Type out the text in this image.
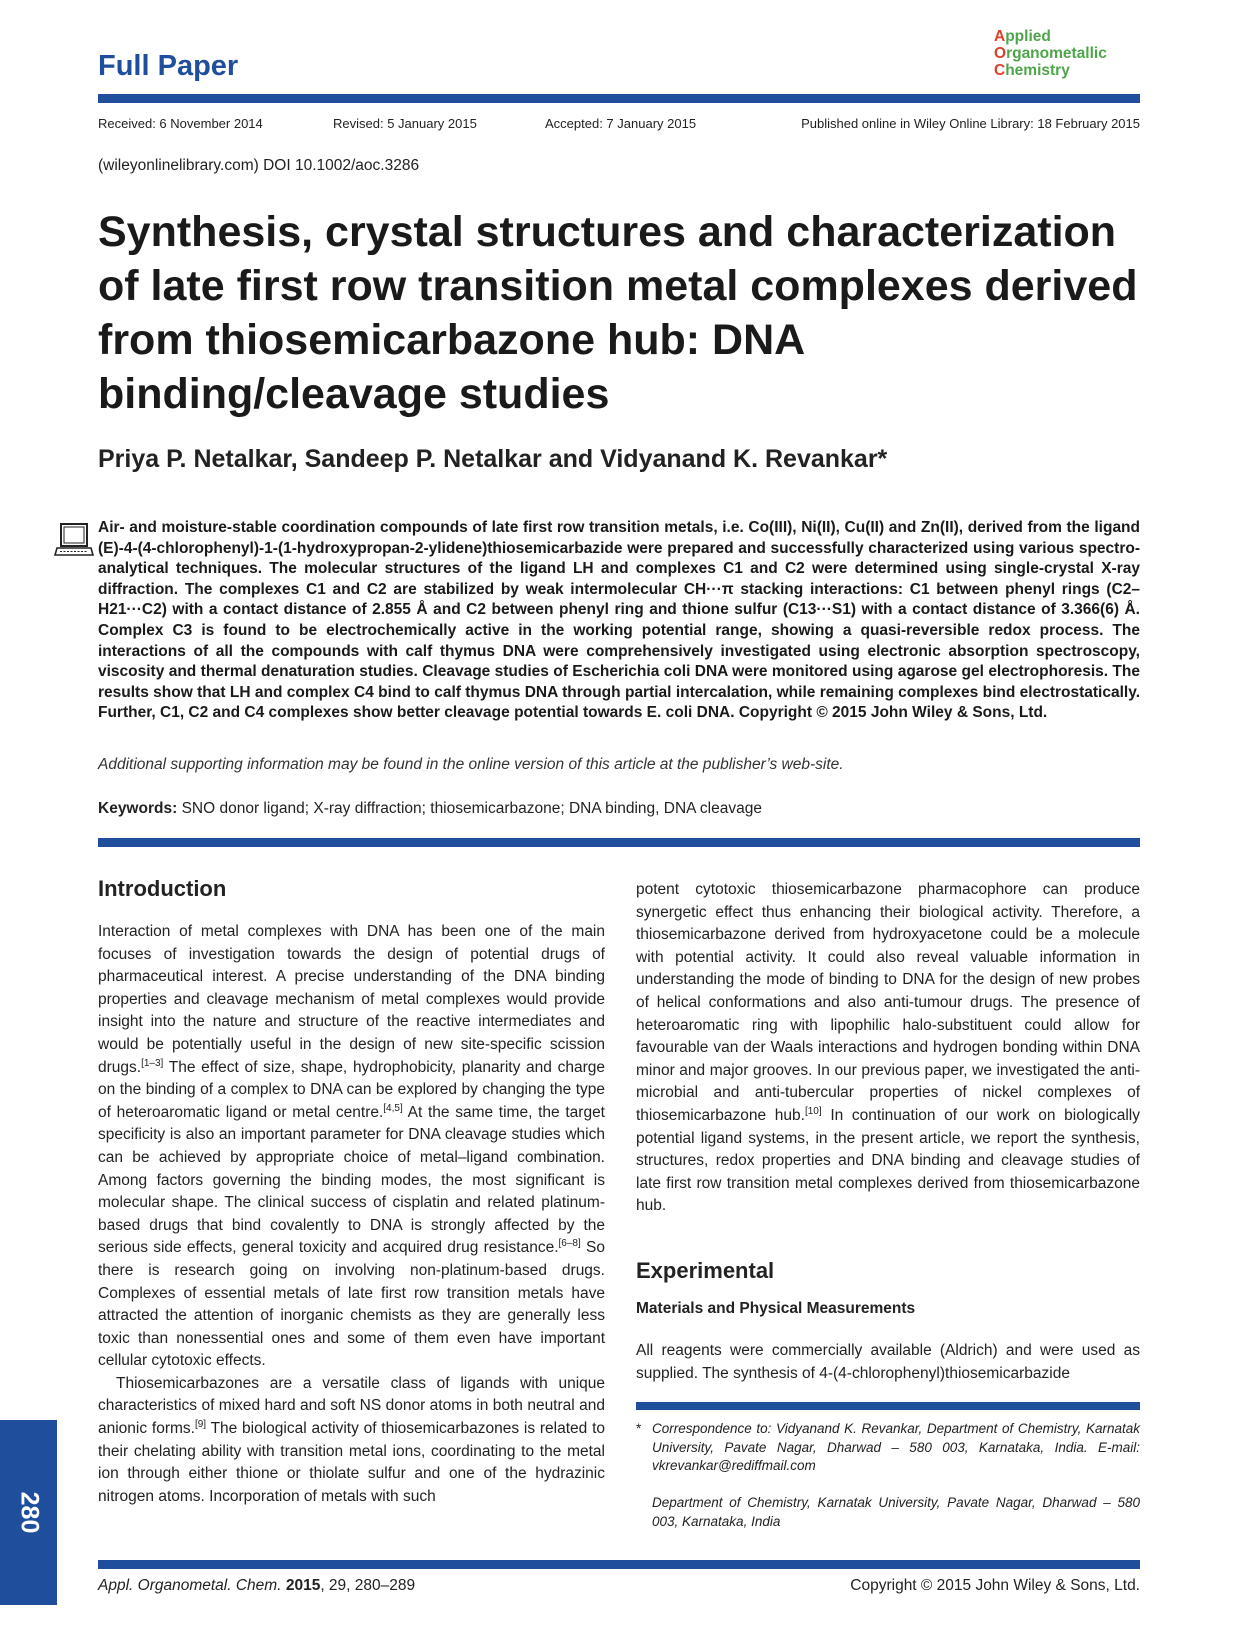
Full Paper
Applied
Organometallic
Chemistry
Received: 6 November 2014	Revised: 5 January 2015	Accepted: 7 January 2015	Published online in Wiley Online Library: 18 February 2015
(wileyonlinelibrary.com) DOI 10.1002/aoc.3286
Synthesis, crystal structures and characterization of late first row transition metal complexes derived from thiosemicarbazone hub: DNA binding/cleavage studies
Priya P. Netalkar, Sandeep P. Netalkar and Vidyanand K. Revankar*

Air- and moisture-stable coordination compounds of late first row transition metals, i.e. Co(III), Ni(II), Cu(II) and Zn(II), derived from the ligand (E)-4-(4-chlorophenyl)-1-(1-hydroxypropan-2-ylidene)thiosemicarbazide were prepared and successfully characterized using various spectro-analytical techniques. The molecular structures of the ligand LH and complexes C1 and C2 were determined using single-crystal X-ray diffraction. The complexes C1 and C2 are stabilized by weak intermolecular CH···π stacking interactions: C1 between phenyl rings (C2–H21···C2) with a contact distance of 2.855 Å and C2 between phenyl ring and thione sulfur (C13···S1) with a contact distance of 3.366(6) Å. Complex C3 is found to be electrochemically active in the working potential range, showing a quasi-reversible redox process. The interactions of all the compounds with calf thymus DNA were comprehensively investigated using electronic absorption spectroscopy, viscosity and thermal denaturation studies. Cleavage studies of Escherichia coli DNA were monitored using agarose gel electrophoresis. The results show that LH and complex C4 bind to calf thymus DNA through partial intercalation, while remaining complexes bind electrostatically. Further, C1, C2 and C4 complexes show better cleavage potential towards E. coli DNA. Copyright © 2015 John Wiley & Sons, Ltd.

Additional supporting information may be found in the online version of this article at the publisher’s web-site.
Keywords: SNO donor ligand; X-ray diffraction; thiosemicarbazone; DNA binding, DNA cleavage
Introduction

Interaction of metal complexes with DNA has been one of the main focuses of investigation towards the design of potential drugs of pharmaceutical interest. A precise understanding of the DNA binding properties and cleavage mechanism of metal complexes would provide insight into the nature and structure of the reactive intermediates and would be potentially useful in the design of new site-specific scission drugs.[1–3] The effect of size, shape, hydrophobicity, planarity and charge on the binding of a complex to DNA can be explored by changing the type of heteroaromatic ligand or metal centre.[4,5] At the same time, the target specificity is also an important parameter for DNA cleavage studies which can be achieved by appropriate choice of metal–ligand combination. Among factors governing the binding modes, the most significant is molecular shape. The clinical success of cisplatin and related platinum-based drugs that bind covalently to DNA is strongly affected by the serious side effects, general toxicity and acquired drug resistance.[6–8] So there is research going on involving non-platinum-based drugs. Complexes of essential metals of late first row transition metals have attracted the attention of inorganic chemists as they are generally less toxic than nonessential ones and some of them even have important cellular cytotoxic effects.

Thiosemicarbazones are a versatile class of ligands with unique characteristics of mixed hard and soft NS donor atoms in both neutral and anionic forms.[9] The biological activity of thiosemicarbazones is related to their chelating ability with transition metal ions, coordinating to the metal ion through either thione or thiolate sulfur and one of the hydrazinic nitrogen atoms. Incorporation of metals with such

potent cytotoxic thiosemicarbazone pharmacophore can produce synergetic effect thus enhancing their biological activity. Therefore, a thiosemicarbazone derived from hydroxyacetone could be a molecule with potential activity. It could also reveal valuable information in understanding the mode of binding to DNA for the design of new probes of helical conformations and also anti-tumour drugs. The presence of heteroaromatic ring with lipophilic halo-substituent could allow for favourable van der Waals interactions and hydrogen bonding within DNA minor and major grooves. In our previous paper, we investigated the anti-microbial and anti-tubercular properties of nickel complexes of thiosemicarbazone hub.[10] In continuation of our work on biologically potential ligand systems, in the present article, we report the synthesis, structures, redox properties and DNA binding and cleavage studies of late first row transition metal complexes derived from thiosemicarbazone hub.

Experimental
Materials and Physical Measurements

All reagents were commercially available (Aldrich) and were used as supplied. The synthesis of 4-(4-chlorophenyl)thiosemicarbazide

* Correspondence to: Vidyanand K. Revankar, Department of Chemistry, Karnatak University, Pavate Nagar, Dharwad – 580 003, Karnataka, India. E-mail: vkrevankar@rediffmail.com
Department of Chemistry, Karnatak University, Pavate Nagar, Dharwad – 580 003, Karnataka, India
280
Appl. Organometal. Chem. 2015, 29, 280–289	Copyright © 2015 John Wiley & Sons, Ltd.
